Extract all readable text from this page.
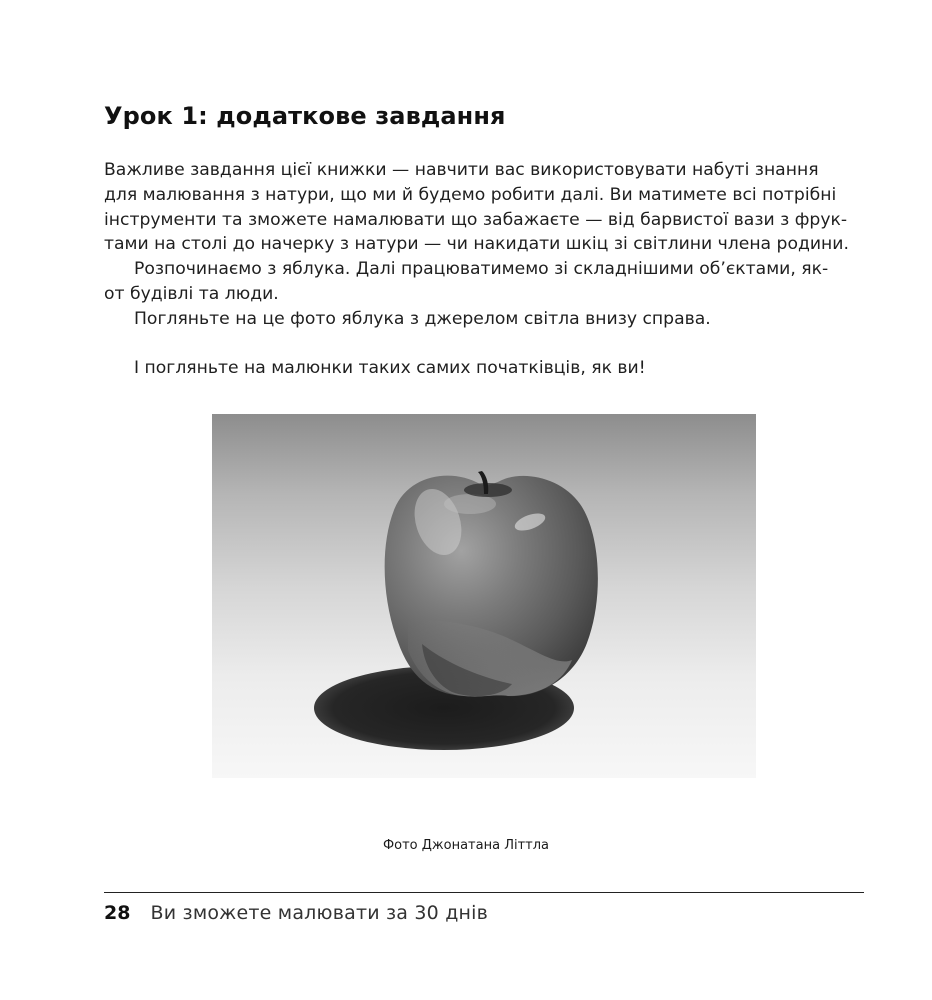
Урок 1: додаткове завдання
Важливе завдання цієї книжки — навчити вас використовувати набуті знання
для малювання з натури, що ми й будемо робити далі. Ви матимете всі потрібні
інструменти та зможете намалювати що забажаєте — від барвистої вази з фрук-
тами на столі до начерку з натури — чи накидати шкіц зі світлини члена родини.
Розпочинаємо з яблука. Далі працюватимемо зі складнішими об’єктами, як-
от будівлі та люди.
Погляньте на це фото яблука з джерелом світла внизу справа.
І погляньте на малюнки таких самих початківців, як ви!
Фото Джонатана Літтла
28 Ви зможете малювати за 30 днів
